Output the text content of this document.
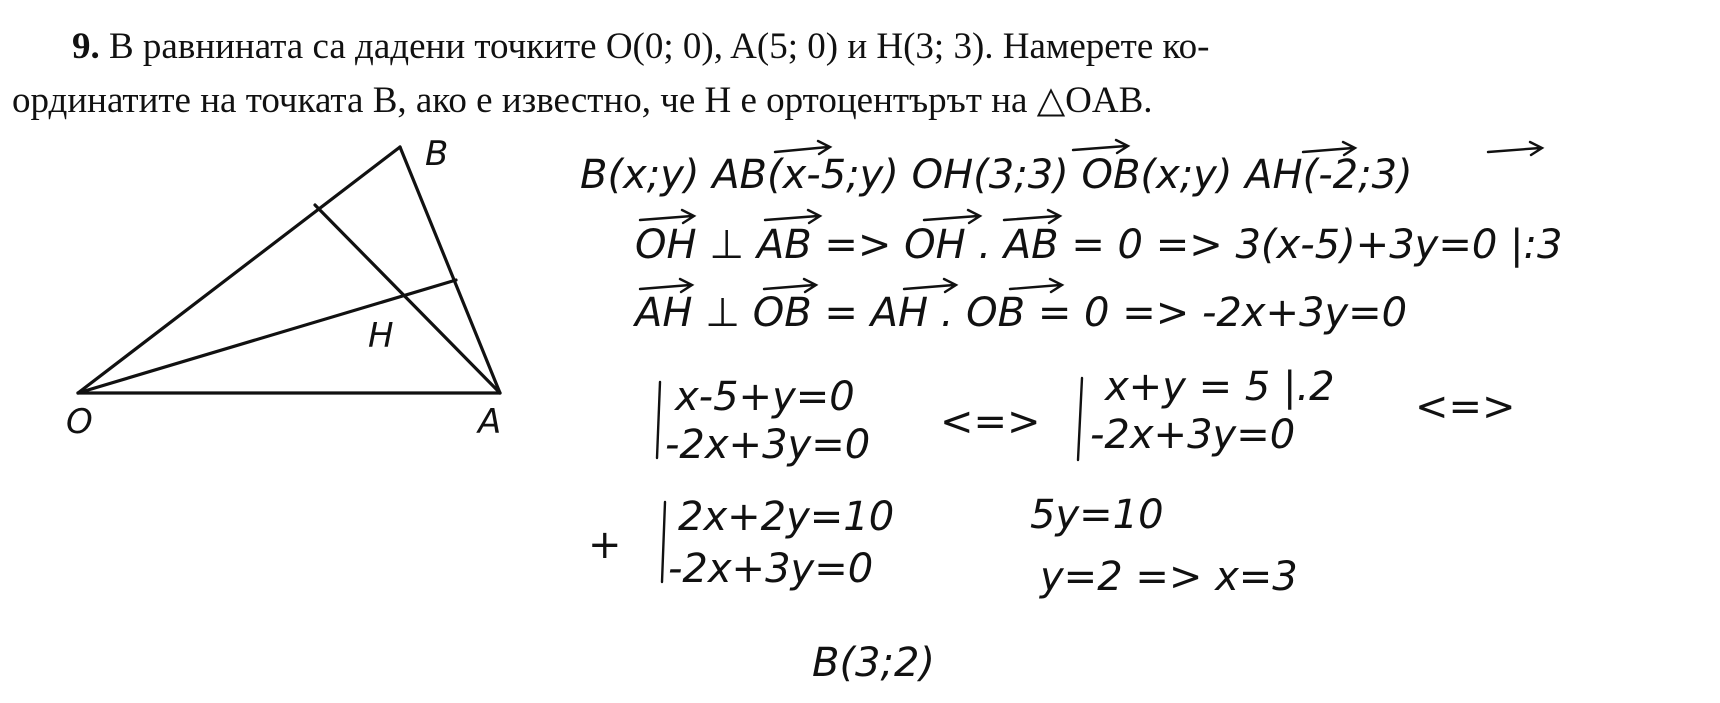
9. В равнината са дадени точките O(0; 0), A(5; 0) и H(3; 3). Намерете ко-
ординатите на точката B, ако е известно, че H е ортоцентърът на △OAB.
B
O	A
H
B(x;y) AB(x-5;y) OH(3;3) OB(x;y) AH(-2;3)
OH ⊥ AB => OH . AB = 0 => 3(x-5)+3y=0 |:3
AH ⊥ OB = AH . OB = 0 => -2x+3y=0
x-5+y=0
-2x+3y=0 <=>
x+y = 5 |.2
-2x+3y=0
<=>
+
2x+2y=10
-2x+3y=0
5y=10
y=2 => x=3
B(3;2)
